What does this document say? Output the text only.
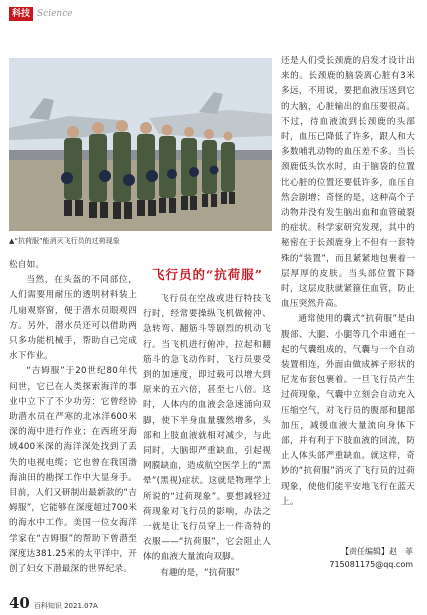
科技 Science
▲“抗荷服”能消灭飞行员的过荷现象

松自如。

当然，在头盔的不同部位，人们需要用耐压的透明材料装上几扇观察窗，便于潜水员眼观四方。另外，潜水员还可以借助两只多功能机械手，帮助自己完成水下作业。

“吉姆服”于20世纪80年代问世，它已在人类探索海洋的事业中立下了不少功劳：它曾经协助潜水员在严寒的北冰洋600米深的海中进行作业；在西班牙海域400米深的海洋深处找到了丢失的电视电缆；它也曾在我国渤海油田的勘探工作中大显身手。目前，人们又研制出最新款的“吉姆服”，它能够在深度超过700米的海水中工作。美国一位女海洋学家在“吉姆服”的帮助下曾潜至深度达381.25米的太平洋中，开创了妇女下潜最深的世界纪录。

飞行员的“抗荷服”

飞行员在空战或进行特技飞行时，经常要操纵飞机做俯冲、急转弯、翻筋斗等剧烈的机动飞行。当飞机进行俯冲，拉起和翻筋斗的急飞动作时，飞行员要受到的加速度，即过载可以增大到原来的五六倍，甚至七八倍。这时，人体内的血液会急速涌向双脚，使下半身血量骤然增多，头部和上肢血液就相对减少，与此同时，大脑即严重缺血，引起视网膜缺血，造成航空医学上的“黑晕”(黑视)症状。这就是物理学上所说的“过荷现象”。要想减轻过荷现象对飞行员的影响，办法之一就是让飞行员穿上一件奇特的衣服——“抗荷服”，它会阻止人体的血液大量流向双脚。

有趣的是，“抗荷服”

还是人们受长颈鹿的启发才设计出来的。长颈鹿的脑袋离心脏有3米多远，不用说，要把血液压送到它的大脑，心脏输出的血压要很高。不过，待血液流到长颈鹿的头部时，血压已降低了许多，跟人和大多数哺乳动物的血压差不多。当长颈鹿低头饮水时，由于脑袋的位置比心脏的位置还要低许多，血压自然会剧增；奇怪的是，这种高个子动物并没有发生脑出血和血管破裂的症状。科学家研究发现，其中的秘密在于长颈鹿身上不但有一套特殊的“装置”，而且紧紧地包裹着一层厚厚的皮肤。当头部位置下降时，这层皮肤就紧箍住血管，防止血压突然升高。

通常使用的囊式“抗荷服”是由腹部、大腿、小腿等几个串通在一起的气囊组成的，气囊与一个自动装置相连，外面由做成裤子形状的尼龙布套包裹着。一旦飞行员产生过荷现象，气囊中立刻会自动充入压缩空气，对飞行员的腹部和腿部加压，减缓血液大量流向身体下部，并有利于下肢血液的回流，防止人体头部严重缺血。就这样，奇妙的“抗荷服”消灭了飞行员的过荷现象，使他们能平安地飞行在蓝天上。

【责任编辑】赵　菲
715081175@qq.com
40 百科知识 2021.07A
